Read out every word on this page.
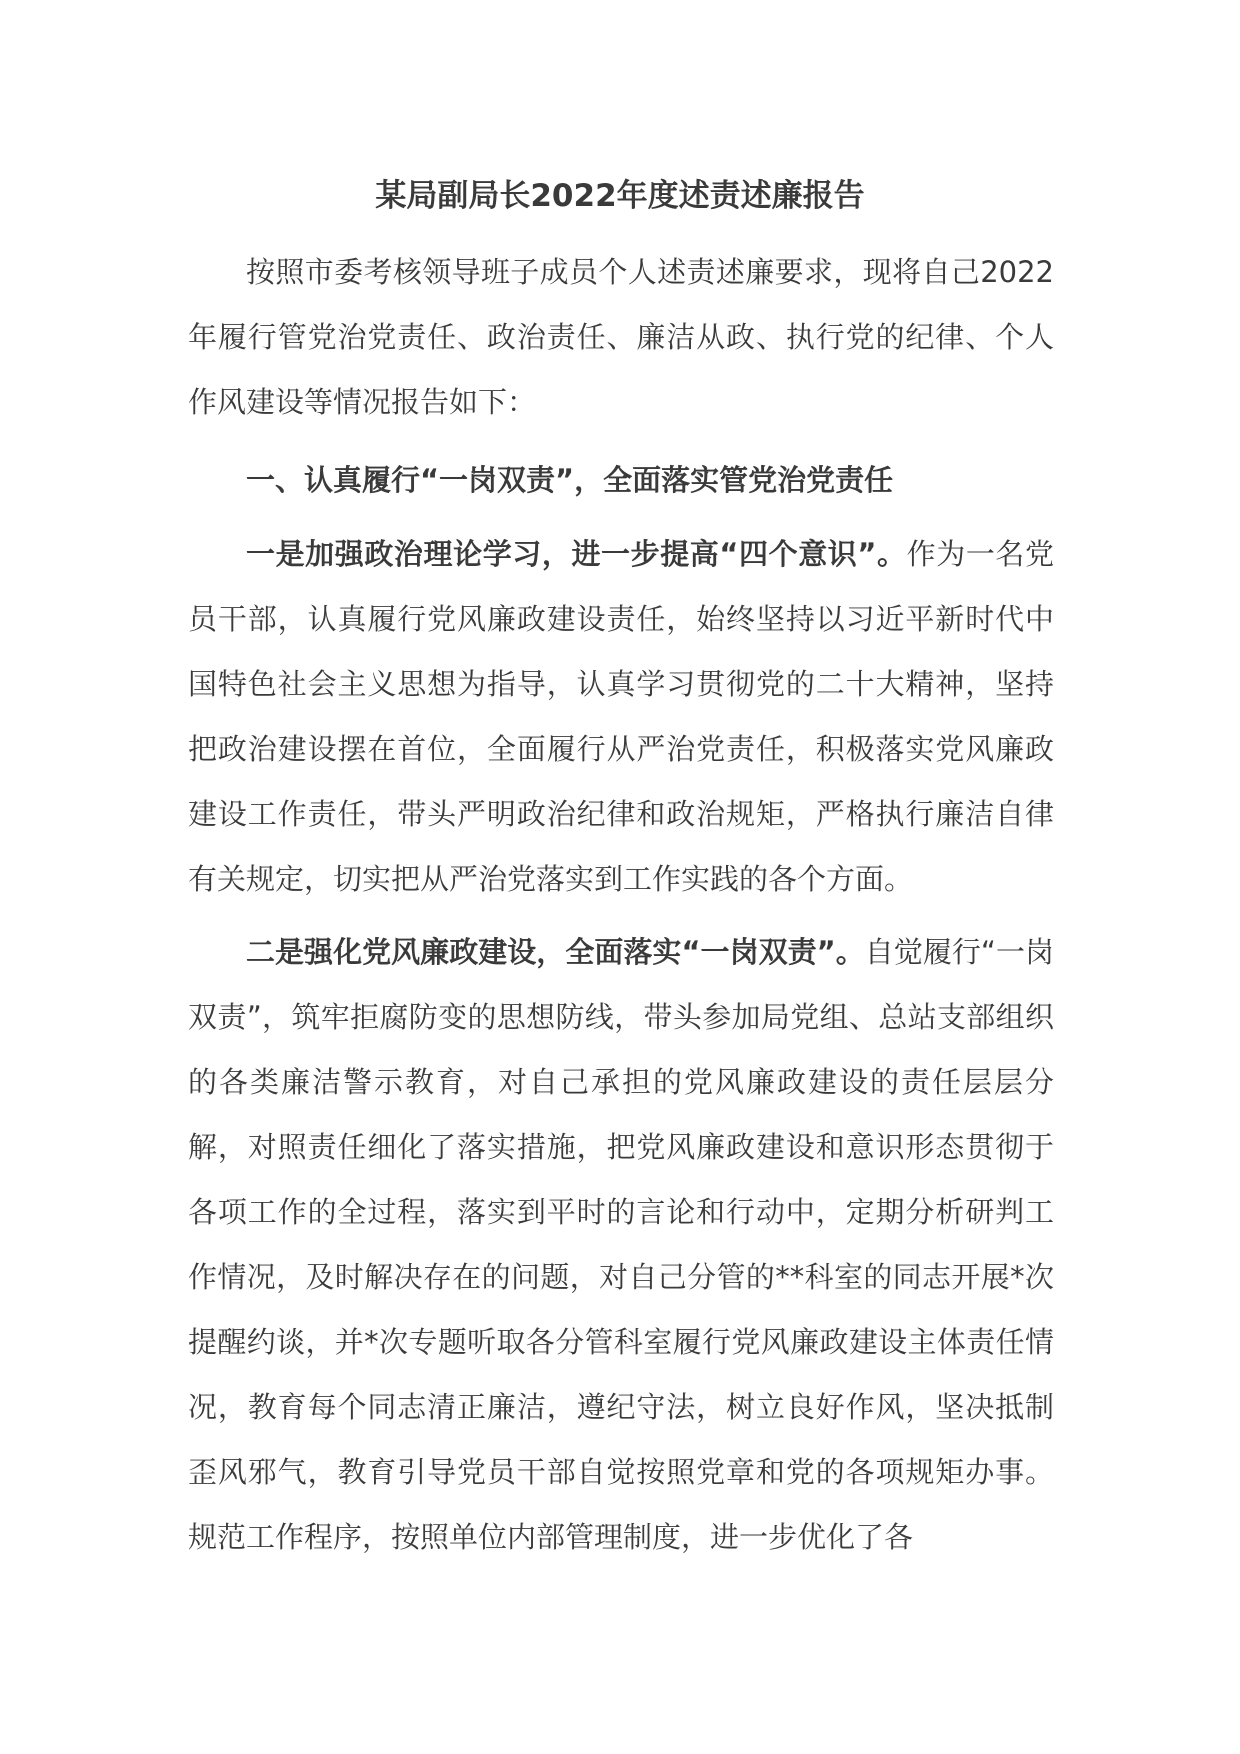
某局副局长2022年度述责述廉报告

按照市委考核领导班子成员个人述责述廉要求，现将自己2022年履行管党治党责任、政治责任、廉洁从政、执行党的纪律、个人作风建设等情况报告如下：

一、认真履行“一岗双责”，全面落实管党治党责任

一是加强政治理论学习，进一步提高“四个意识”。作为一名党员干部，认真履行党风廉政建设责任，始终坚持以习近平新时代中国特色社会主义思想为指导，认真学习贯彻党的二十大精神，坚持把政治建设摆在首位，全面履行从严治党责任，积极落实党风廉政建设工作责任，带头严明政治纪律和政治规矩，严格执行廉洁自律有关规定，切实把从严治党落实到工作实践的各个方面。

二是强化党风廉政建设，全面落实“一岗双责”。自觉履行“一岗双责”，筑牢拒腐防变的思想防线，带头参加局党组、总站支部组织的各类廉洁警示教育，对自己承担的党风廉政建设的责任层层分解，对照责任细化了落实措施，把党风廉政建设和意识形态贯彻于各项工作的全过程，落实到平时的言论和行动中，定期分析研判工作情况，及时解决存在的问题，对自己分管的**科室的同志开展*次提醒约谈，并*次专题听取各分管科室履行党风廉政建设主体责任情况，教育每个同志清正廉洁，遵纪守法，树立良好作风，坚决抵制歪风邪气，教育引导党员干部自觉按照党章和党的各项规矩办事。规范工作程序，按照单位内部管理制度，进一步优化了各
